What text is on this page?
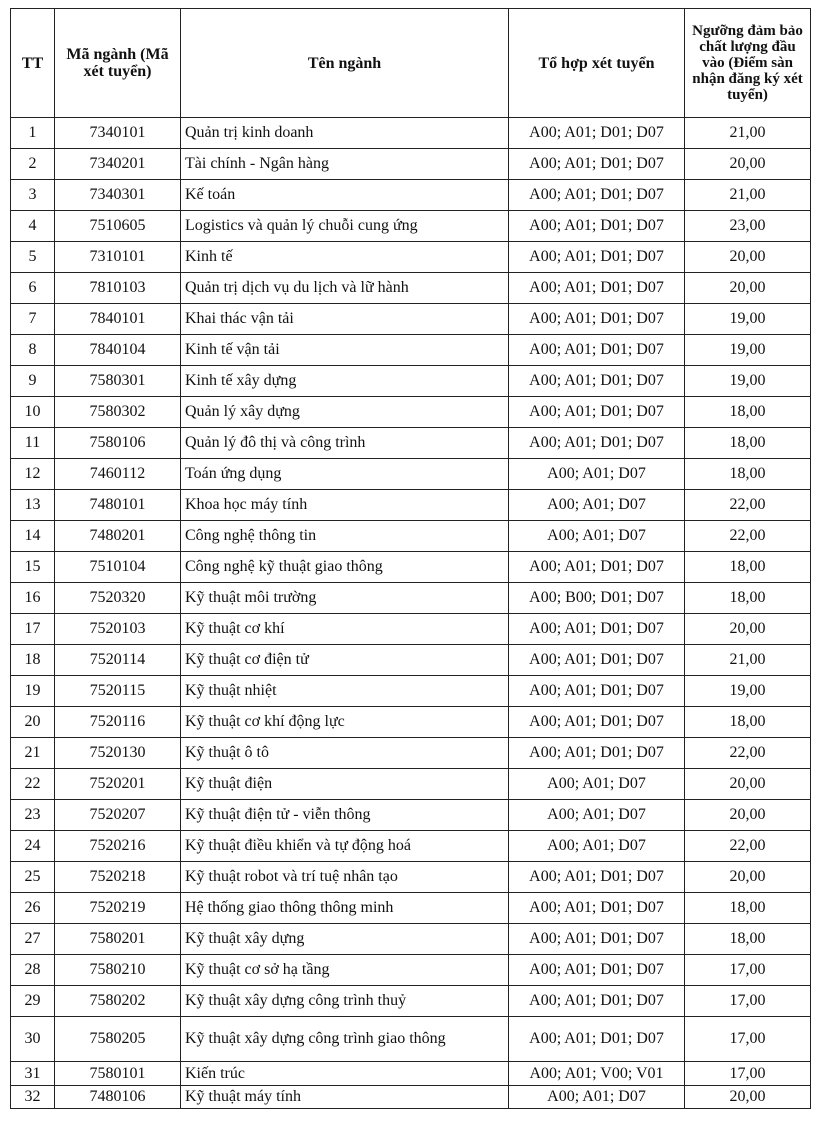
TT	Mã ngành (Mã xét tuyển)	Tên ngành	Tổ hợp xét tuyển	Ngưỡng đảm bảo chất lượng đầu vào (Điểm sàn nhận đăng ký xét tuyển)
1	7340101	Quản trị kinh doanh	A00; A01; D01; D07	21,00
2	7340201	Tài chính - Ngân hàng	A00; A01; D01; D07	20,00
3	7340301	Kế toán	A00; A01; D01; D07	21,00
4	7510605	Logistics và quản lý chuỗi cung ứng	A00; A01; D01; D07	23,00
5	7310101	Kinh tế	A00; A01; D01; D07	20,00
6	7810103	Quản trị dịch vụ du lịch và lữ hành	A00; A01; D01; D07	20,00
7	7840101	Khai thác vận tải	A00; A01; D01; D07	19,00
8	7840104	Kinh tế vận tải	A00; A01; D01; D07	19,00
9	7580301	Kinh tế xây dựng	A00; A01; D01; D07	19,00
10	7580302	Quản lý xây dựng	A00; A01; D01; D07	18,00
11	7580106	Quản lý đô thị và công trình	A00; A01; D01; D07	18,00
12	7460112	Toán ứng dụng	A00; A01; D07	18,00
13	7480101	Khoa học máy tính	A00; A01; D07	22,00
14	7480201	Công nghệ thông tin	A00; A01; D07	22,00
15	7510104	Công nghệ kỹ thuật giao thông	A00; A01; D01; D07	18,00
16	7520320	Kỹ thuật môi trường	A00; B00; D01; D07	18,00
17	7520103	Kỹ thuật cơ khí	A00; A01; D01; D07	20,00
18	7520114	Kỹ thuật cơ điện tử	A00; A01; D01; D07	21,00
19	7520115	Kỹ thuật nhiệt	A00; A01; D01; D07	19,00
20	7520116	Kỹ thuật cơ khí động lực	A00; A01; D01; D07	18,00
21	7520130	Kỹ thuật ô tô	A00; A01; D01; D07	22,00
22	7520201	Kỹ thuật điện	A00; A01; D07	20,00
23	7520207	Kỹ thuật điện tử - viễn thông	A00; A01; D07	20,00
24	7520216	Kỹ thuật điều khiển và tự động hoá	A00; A01; D07	22,00
25	7520218	Kỹ thuật robot và trí tuệ nhân tạo	A00; A01; D01; D07	20,00
26	7520219	Hệ thống giao thông thông minh	A00; A01; D01; D07	18,00
27	7580201	Kỹ thuật xây dựng	A00; A01; D01; D07	18,00
28	7580210	Kỹ thuật cơ sở hạ tầng	A00; A01; D01; D07	17,00
29	7580202	Kỹ thuật xây dựng công trình thuỷ	A00; A01; D01; D07	17,00
30	7580205	Kỹ thuật xây dựng công trình giao thông	A00; A01; D01; D07	17,00
31	7580101	Kiến trúc	A00; A01; V00; V01	17,00
32	7480106	Kỹ thuật máy tính	A00; A01; D07	20,00
